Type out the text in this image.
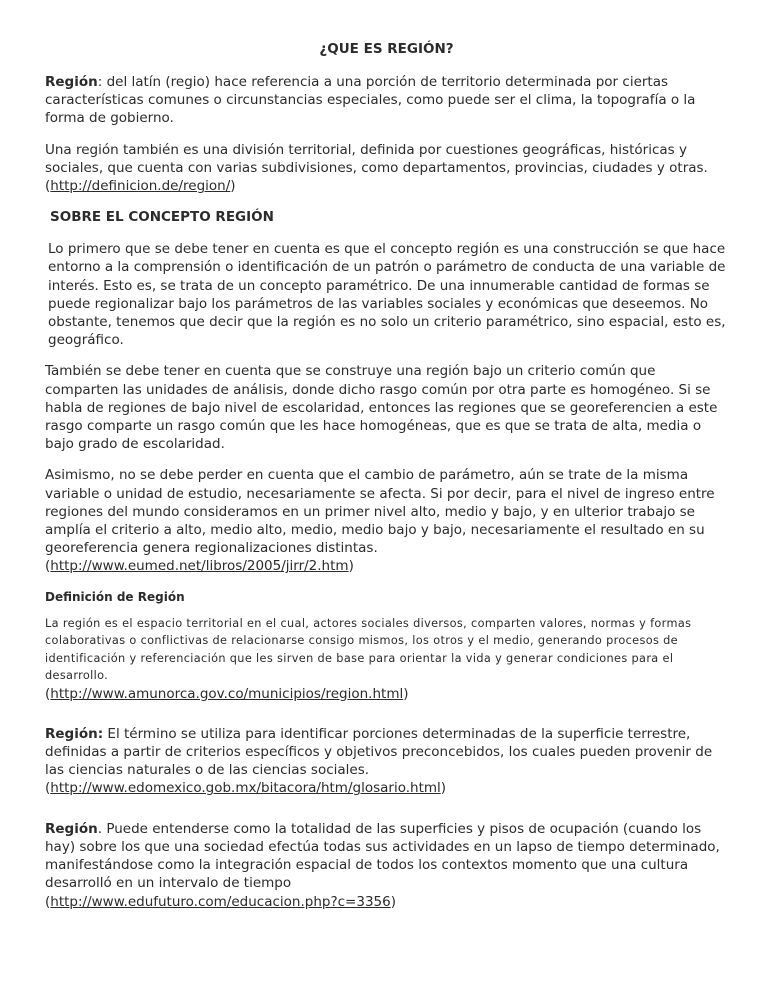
¿QUE ES REGIÓN?

Región: del latín (regio) hace referencia a una porción de territorio determinada por ciertas características comunes o circunstancias especiales, como puede ser el clima, la topografía o la forma de gobierno.

Una región también es una división territorial, definida por cuestiones geográficas, históricas y sociales, que cuenta con varias subdivisiones, como departamentos, provincias, ciudades y otras.
(http://definicion.de/region/)

SOBRE EL CONCEPTO REGIÓN

Lo primero que se debe tener en cuenta es que el concepto región es una construcción se que hace entorno a la comprensión o identificación de un patrón o parámetro de conducta de una variable de interés. Esto es, se trata de un concepto paramétrico. De una innumerable cantidad de formas se puede regionalizar bajo los parámetros de las variables sociales y económicas que deseemos. No obstante, tenemos que decir que la región es no solo un criterio paramétrico, sino espacial, esto es, geográfico.

También se debe tener en cuenta que se construye una región bajo un criterio común que comparten las unidades de análisis, donde dicho rasgo común por otra parte es homogéneo. Si se habla de regiones de bajo nivel de escolaridad, entonces las regiones que se georeferencien a este rasgo comparte un rasgo común que les hace homogéneas, que es que se trata de alta, media o bajo grado de escolaridad.

Asimismo, no se debe perder en cuenta que el cambio de parámetro, aún se trate de la misma variable o unidad de estudio, necesariamente se afecta. Si por decir, para el nivel de ingreso entre regiones del mundo consideramos en un primer nivel alto, medio y bajo, y en ulterior trabajo se amplía el criterio a alto, medio alto, medio, medio bajo y bajo, necesariamente el resultado en su georeferencia genera regionalizaciones distintas.
(http://www.eumed.net/libros/2005/jirr/2.htm)

Definición de Región

La región es el espacio territorial en el cual, actores sociales diversos, comparten valores, normas y formas colaborativas o conflictivas de relacionarse consigo mismos, los otros y el medio, generando procesos de identificación y referenciación que les sirven de base para orientar la vida y generar condiciones para el desarrollo.

(http://www.amunorca.gov.co/municipios/region.html)

Región: El término se utiliza para identificar porciones determinadas de la superficie terrestre, definidas a partir de criterios específicos y objetivos preconcebidos, los cuales pueden provenir de las ciencias naturales o de las ciencias sociales.
(http://www.edomexico.gob.mx/bitacora/htm/glosario.html)

Región. Puede entenderse como la totalidad de las superficies y pisos de ocupación (cuando los hay) sobre los que una sociedad efectúa todas sus actividades en un lapso de tiempo determinado, manifestándose como la integración espacial de todos los contextos momento que una cultura desarrolló en un intervalo de tiempo
(http://www.edufuturo.com/educacion.php?c=3356)
